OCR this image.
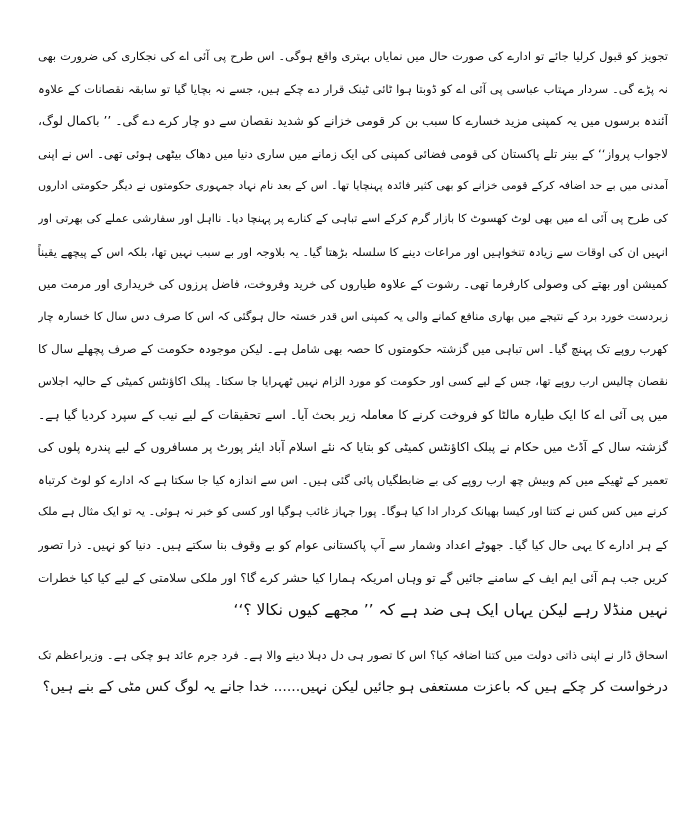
تجویز کو قبول کرلیا جائے تو ادارے کی صورت حال میں نمایاں بہتری واقع ہوگی۔ اس طرح پی آئی اے کی نجکاری کی ضرورت بھی
نہ پڑے گی۔ سردار مہتاب عباسی پی آئی اے کو ڈوبتا ہوا ٹائی ٹینک قرار دے چکے ہیں، جسے نہ بچایا گیا تو سابقہ نقصانات کے علاوہ
آئندہ برسوں میں یہ کمپنی مزید خسارے کا سبب بن کر قومی خزانے کو شدید نقصان سے دو چار کرے دے گی۔ ’’ باکمال لوگ،
لاجواب پرواز‘‘ کے بینر تلے پاکستان کی قومی فضائی کمپنی کی ایک زمانے میں ساری دنیا میں دھاک بیٹھی ہوئی تھی۔ اس نے اپنی
آمدنی میں بے حد اضافہ کرکے قومی خزانے کو بھی کثیر فائدہ پہنچایا تھا۔ اس کے بعد نام نہاد جمہوری حکومتوں نے دیگر حکومتی اداروں
کی طرح پی آئی اے میں بھی لوٹ کھسوٹ کا بازار گرم کرکے اسے تباہی کے کنارے پر پہنچا دیا۔ نااہل اور سفارشی عملے کی بھرتی اور
انہیں ان کی اوقات سے زیادہ تنخواہیں اور مراعات دینے کا سلسلہ بڑھتا گیا۔ یہ بلاوجہ اور بے سبب نہیں تھا، بلکہ اس کے پیچھے یقیناً
کمیشن اور بھتے کی وصولی کارفرما تھی۔ رشوت کے علاوہ طیاروں کی خرید وفروخت، فاضل پرزوں کی خریداری اور مرمت میں
زبردست خورد برد کے نتیجے میں بھاری منافع کمانے والی یہ کمپنی اس قدر خستہ حال ہوگئی کہ اس کا صرف دس سال کا خسارہ چار
کھرب روپے تک پہنچ گیا۔ اس تباہی میں گزشتہ حکومتوں کا حصہ بھی شامل ہے۔ لیکن موجودہ حکومت کے صرف پچھلے سال کا
نقصان چالیس ارب روپے تھا، جس کے لیے کسی اور حکومت کو مورد الزام نہیں ٹھہرایا جا سکتا۔ پبلک اکاؤنٹس کمیٹی کے حالیہ اجلاس
میں پی آئی اے کا ایک طیارہ مالٹا کو فروخت کرنے کا معاملہ زیر بحث آیا۔ اسے تحقیقات کے لیے نیب کے سپرد کردیا گیا ہے۔
گزشتہ سال کے آڈٹ میں حکام نے پبلک اکاؤنٹس کمیٹی کو بتایا کہ نئے اسلام آباد ایئر پورٹ پر مسافروں کے لیے پندرہ پلوں کی
تعمیر کے ٹھیکے میں کم وبیش چھ ارب روپے کی بے ضابطگیاں پائی گئی ہیں۔ اس سے اندازہ کیا جا سکتا ہے کہ ادارے کو لوٹ کرتباہ
کرنے میں کس کس نے کتنا اور کیسا بھیانک کردار ادا کیا ہوگا۔ پورا جہاز غائب ہوگیا اور کسی کو خبر نہ ہوئی۔ یہ تو ایک مثال ہے ملک
کے ہر ادارے کا یہی حال کیا گیا۔ جھوٹے اعداد وشمار سے آپ پاکستانی عوام کو بے وقوف بنا سکتے ہیں۔ دنیا کو نہیں۔ ذرا تصور
کریں جب ہم آئی ایم ایف کے سامنے جائیں گے تو وہاں امریکہ ہمارا کیا حشر کرے گا؟ اور ملکی سلامتی کے لیے کیا کیا خطرات
نہیں منڈلا رہے لیکن یہاں ایک ہی ضد ہے کہ ’’ مجھے کیوں نکالا ؟‘‘
اسحاق ڈار نے اپنی ذاتی دولت میں کتنا اضافہ کیا؟ اس کا تصور ہی دل دہلا دینے والا ہے۔ فرد جرم عائد ہو چکی ہے۔ وزیراعظم تک
درخواست کر چکے ہیں کہ باعزت مستعفی ہو جائیں لیکن نہیں...... خدا جانے یہ لوگ کس مٹی کے بنے ہیں؟
